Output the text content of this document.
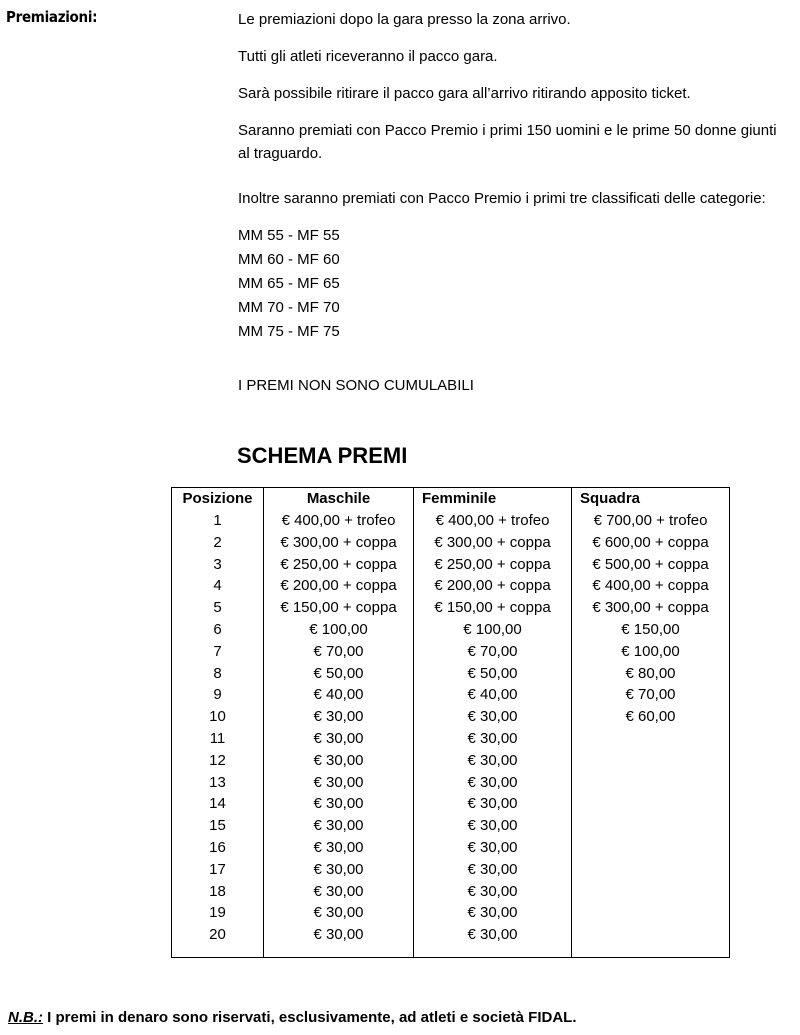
Premiazioni:	Le premiazioni dopo la gara presso la zona arrivo.
Tutti gli atleti riceveranno il pacco gara.
Sarà possibile ritirare il pacco gara all’arrivo ritirando apposito ticket.
Saranno premiati con Pacco Premio i primi 150 uomini e le prime 50 donne giunti al traguardo.
Inoltre saranno premiati con Pacco Premio i primi tre classificati delle categorie:
MM 55 - MF 55
MM 60 - MF 60
MM 65 - MF 65
MM 70 - MF 70
MM 75 - MF 75
I PREMI NON SONO CUMULABILI
SCHEMA PREMI
Posizione	Maschile	Femminile	Squadra
1	€ 400,00 + trofeo	€ 400,00 + trofeo	€ 700,00 + trofeo
2	€ 300,00 + coppa	€ 300,00 + coppa	€ 600,00 + coppa
3	€ 250,00 + coppa	€ 250,00 + coppa	€ 500,00 + coppa
4	€ 200,00 + coppa	€ 200,00 + coppa	€ 400,00 + coppa
5	€ 150,00 + coppa	€ 150,00 + coppa	€ 300,00 + coppa
6	€ 100,00	€ 100,00	€ 150,00
7	€ 70,00	€ 70,00	€ 100,00
8	€ 50,00	€ 50,00	€ 80,00
9	€ 40,00	€ 40,00	€ 70,00
10	€ 30,00	€ 30,00	€ 60,00
11	€ 30,00	€ 30,00	
12	€ 30,00	€ 30,00	
13	€ 30,00	€ 30,00	
14	€ 30,00	€ 30,00	
15	€ 30,00	€ 30,00	
16	€ 30,00	€ 30,00	
17	€ 30,00	€ 30,00	
18	€ 30,00	€ 30,00	
19	€ 30,00	€ 30,00	
20	€ 30,00	€ 30,00	

N.B.: I premi in denaro sono riservati, esclusivamente, ad atleti e società FIDAL.
